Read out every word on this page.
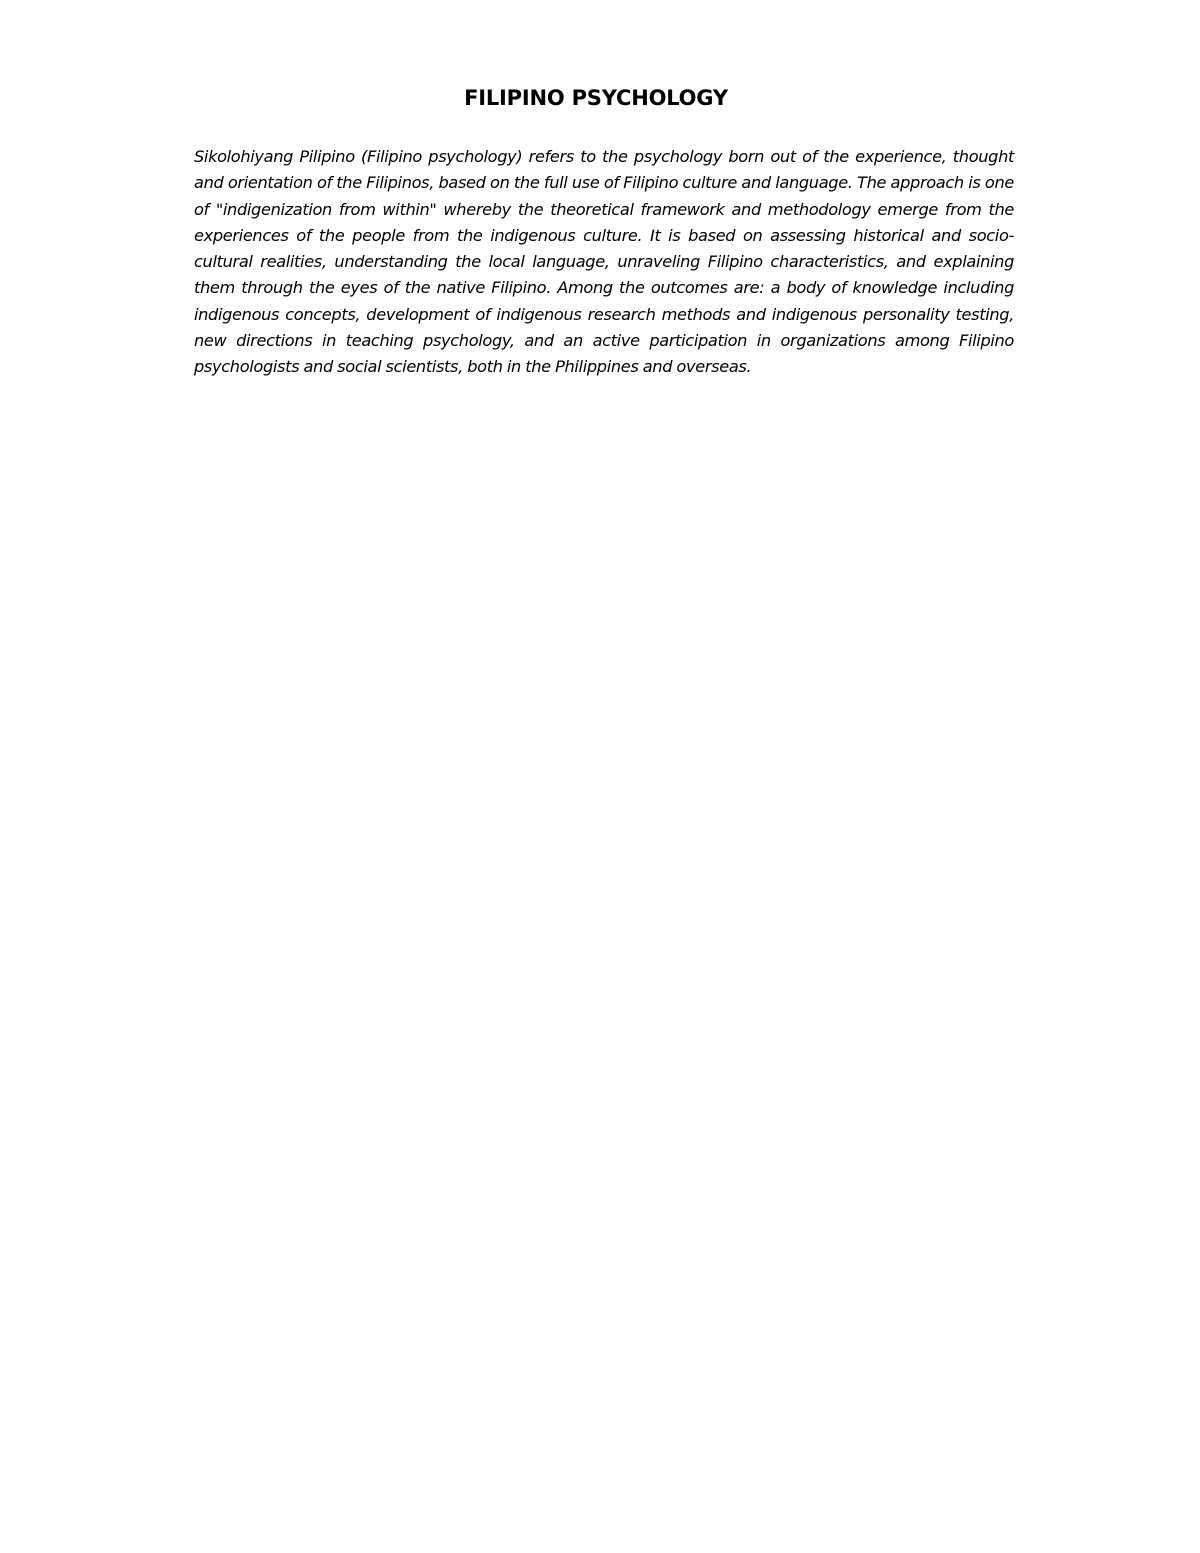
FILIPINO PSYCHOLOGY

Sikolohiyang Pilipino (Filipino psychology) refers to the psychology born out of the experience, thought and orientation of the Filipinos, based on the full use of Filipino culture and language. The approach is one of "indigenization from within" whereby the theoretical framework and methodology emerge from the experiences of the people from the indigenous culture. It is based on assessing historical and socio-cultural realities, understanding the local language, unraveling Filipino characteristics, and explaining them through the eyes of the native Filipino. Among the outcomes are: a body of knowledge including indigenous concepts, development of indigenous research methods and indigenous personality testing, new directions in teaching psychology, and an active participation in organizations among Filipino psychologists and social scientists, both in the Philippines and overseas.
